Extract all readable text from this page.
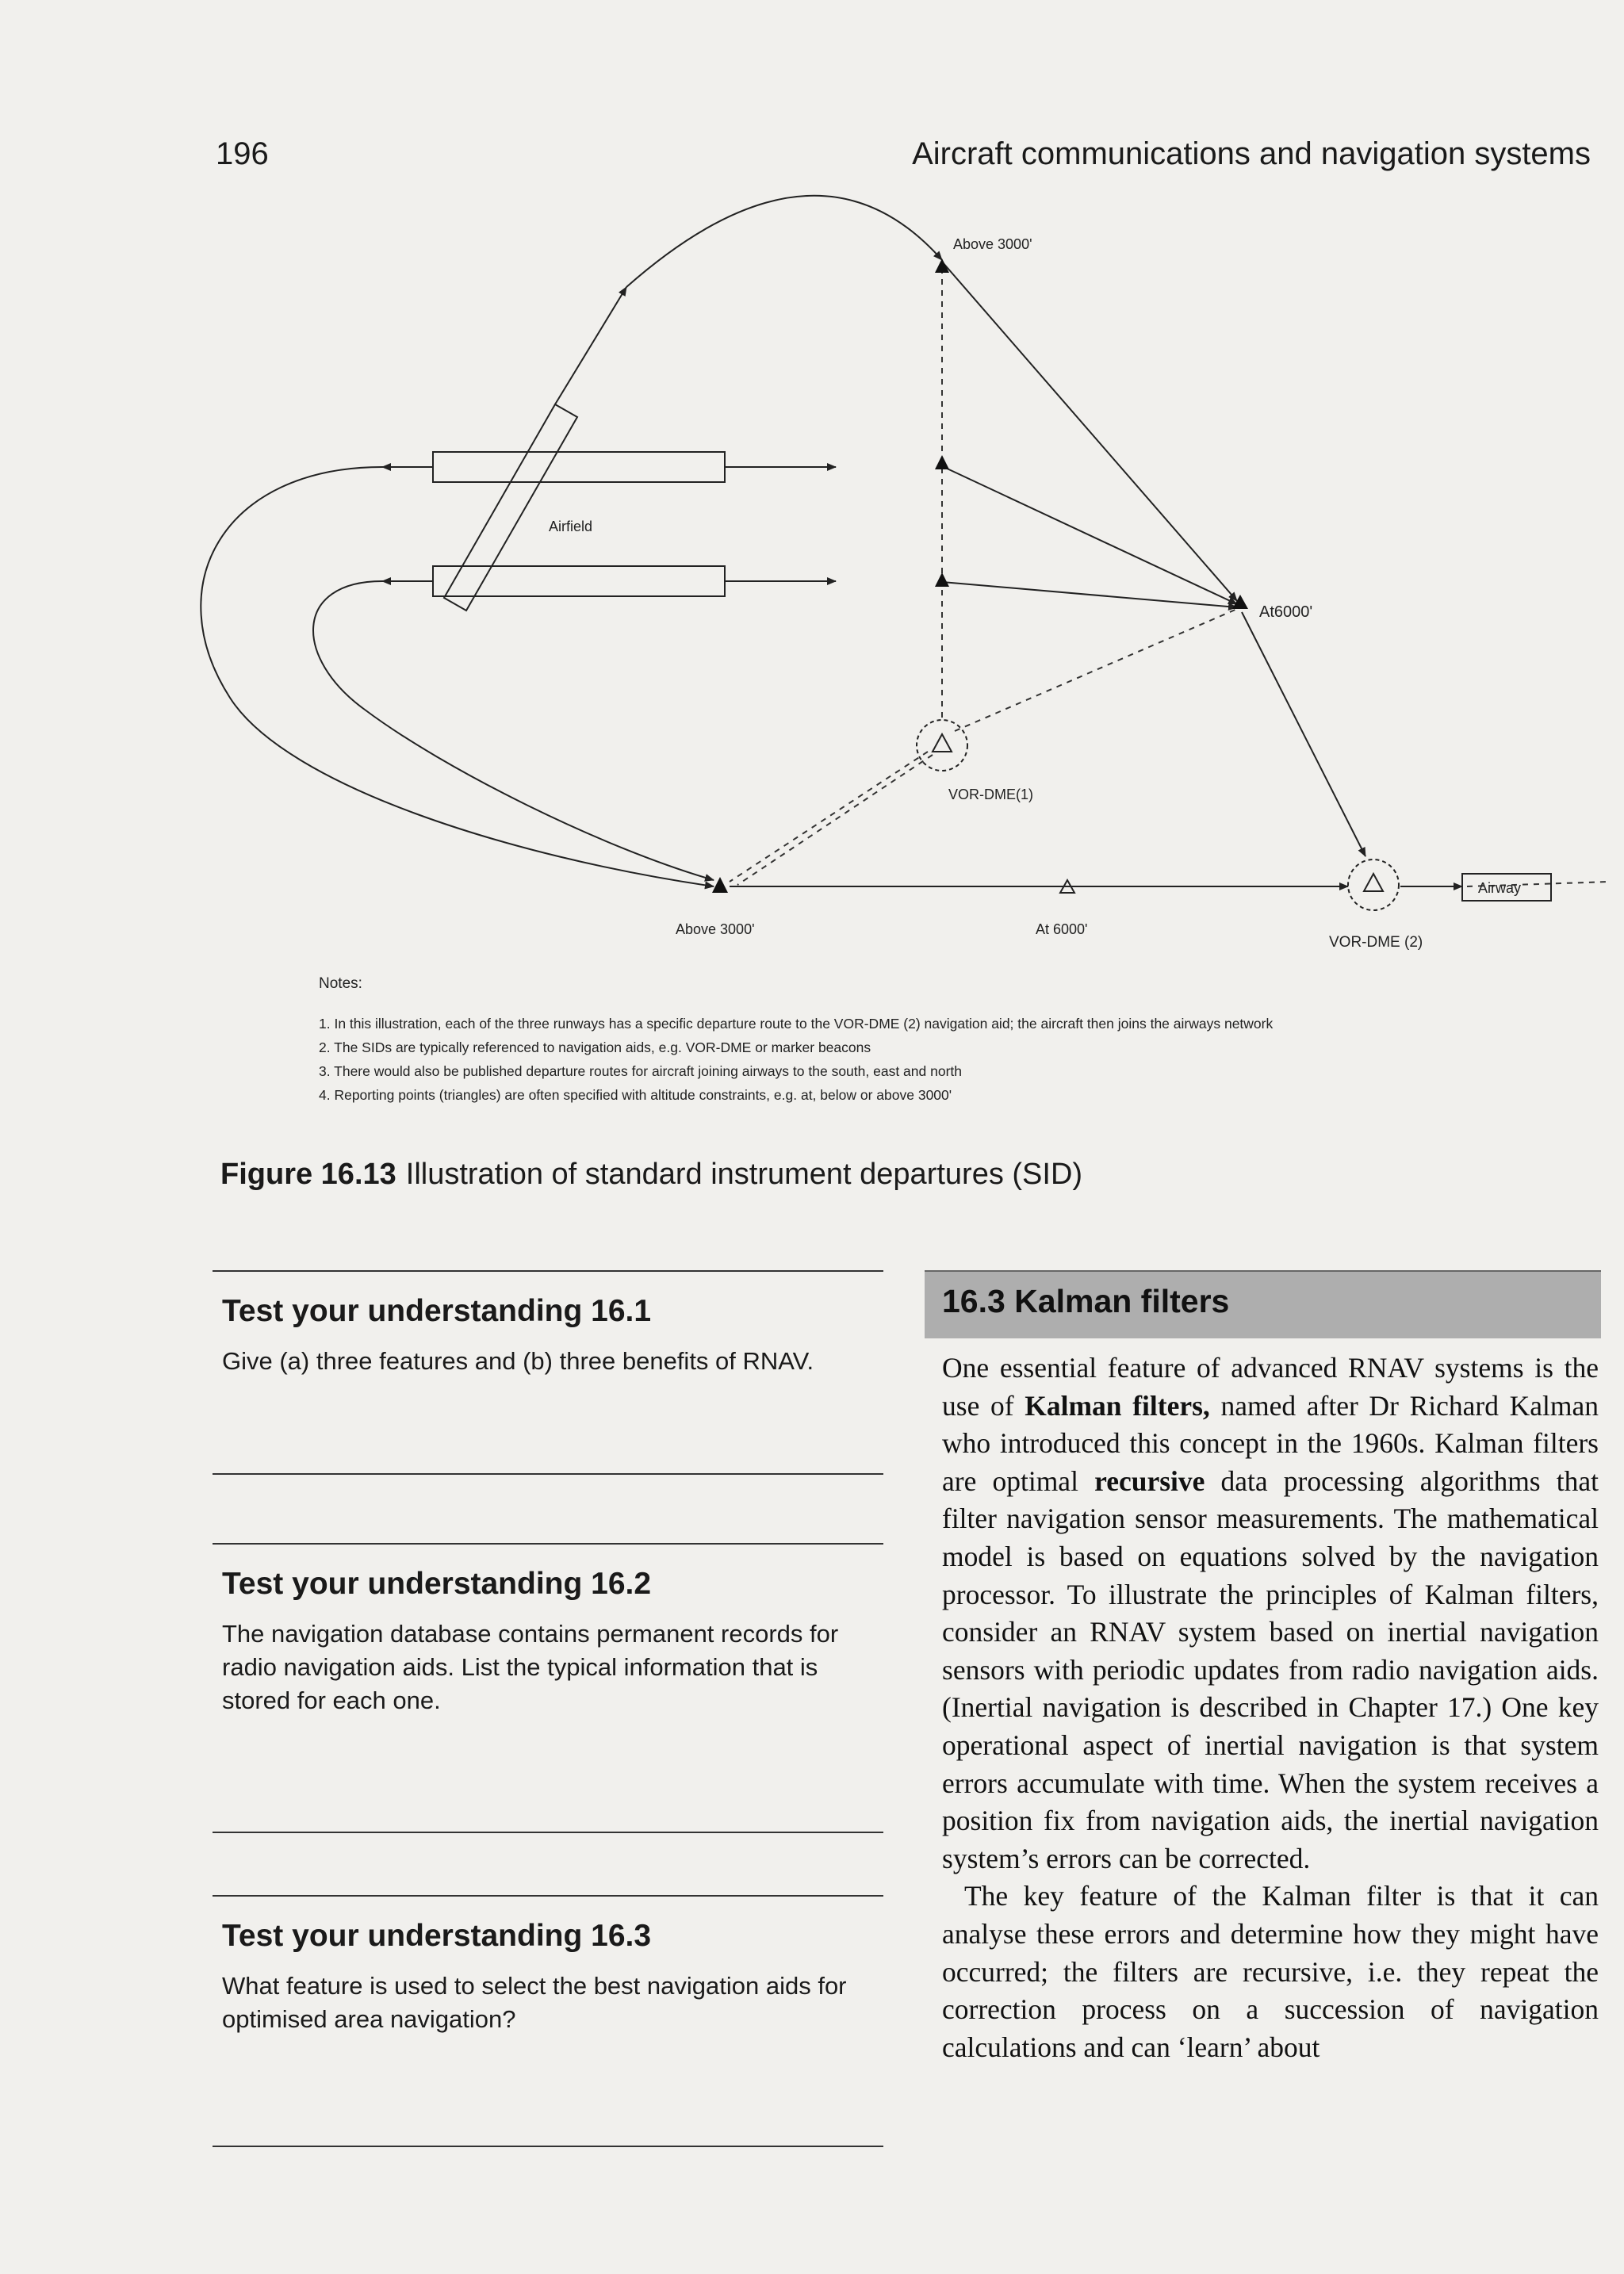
196	Aircraft communications and navigation systems
Airfield
Above 3000'
At6000'
VOR-DME(1)
Above 3000'	At 6000'
VOR-DME (2)
Airway
Notes:
1. In this illustration, each of the three runways has a specific departure route to the VOR-DME (2) navigation aid; the aircraft then joins the airways network
2. The SIDs are typically referenced to navigation aids, e.g. VOR-DME or marker beacons
3. There would also be published departure routes for aircraft joining airways to the south, east and north
4. Reporting points (triangles) are often specified with altitude constraints, e.g. at, below or above 3000'
Figure 16.13 Illustration of standard instrument departures (SID)
Test your understanding 16.1

Give (a) three features and (b) three benefits of RNAV.

Test your understanding 16.2

The navigation database contains permanent records for radio navigation aids. List the typical information that is stored for each one.

Test your understanding 16.3

What feature is used to select the best navigation aids for optimised area navigation?

16.3 Kalman filters

One essential feature of advanced RNAV systems is the use of Kalman filters, named after Dr Richard Kalman who introduced this concept in the 1960s. Kalman filters are optimal recursive data processing algorithms that filter navigation sensor measurements. The mathematical model is based on equations solved by the navigation processor. To illustrate the principles of Kalman filters, consider an RNAV system based on inertial navigation sensors with periodic updates from radio navigation aids. (Inertial navigation is described in Chapter 17.) One key operational aspect of inertial navigation is that system errors accumulate with time. When the system receives a position fix from navigation aids, the inertial navigation system’s errors can be corrected.

The key feature of the Kalman filter is that it can analyse these errors and determine how they might have occurred; the filters are recursive, i.e. they repeat the correction process on a succession of navigation calculations and can ‘learn’ about
